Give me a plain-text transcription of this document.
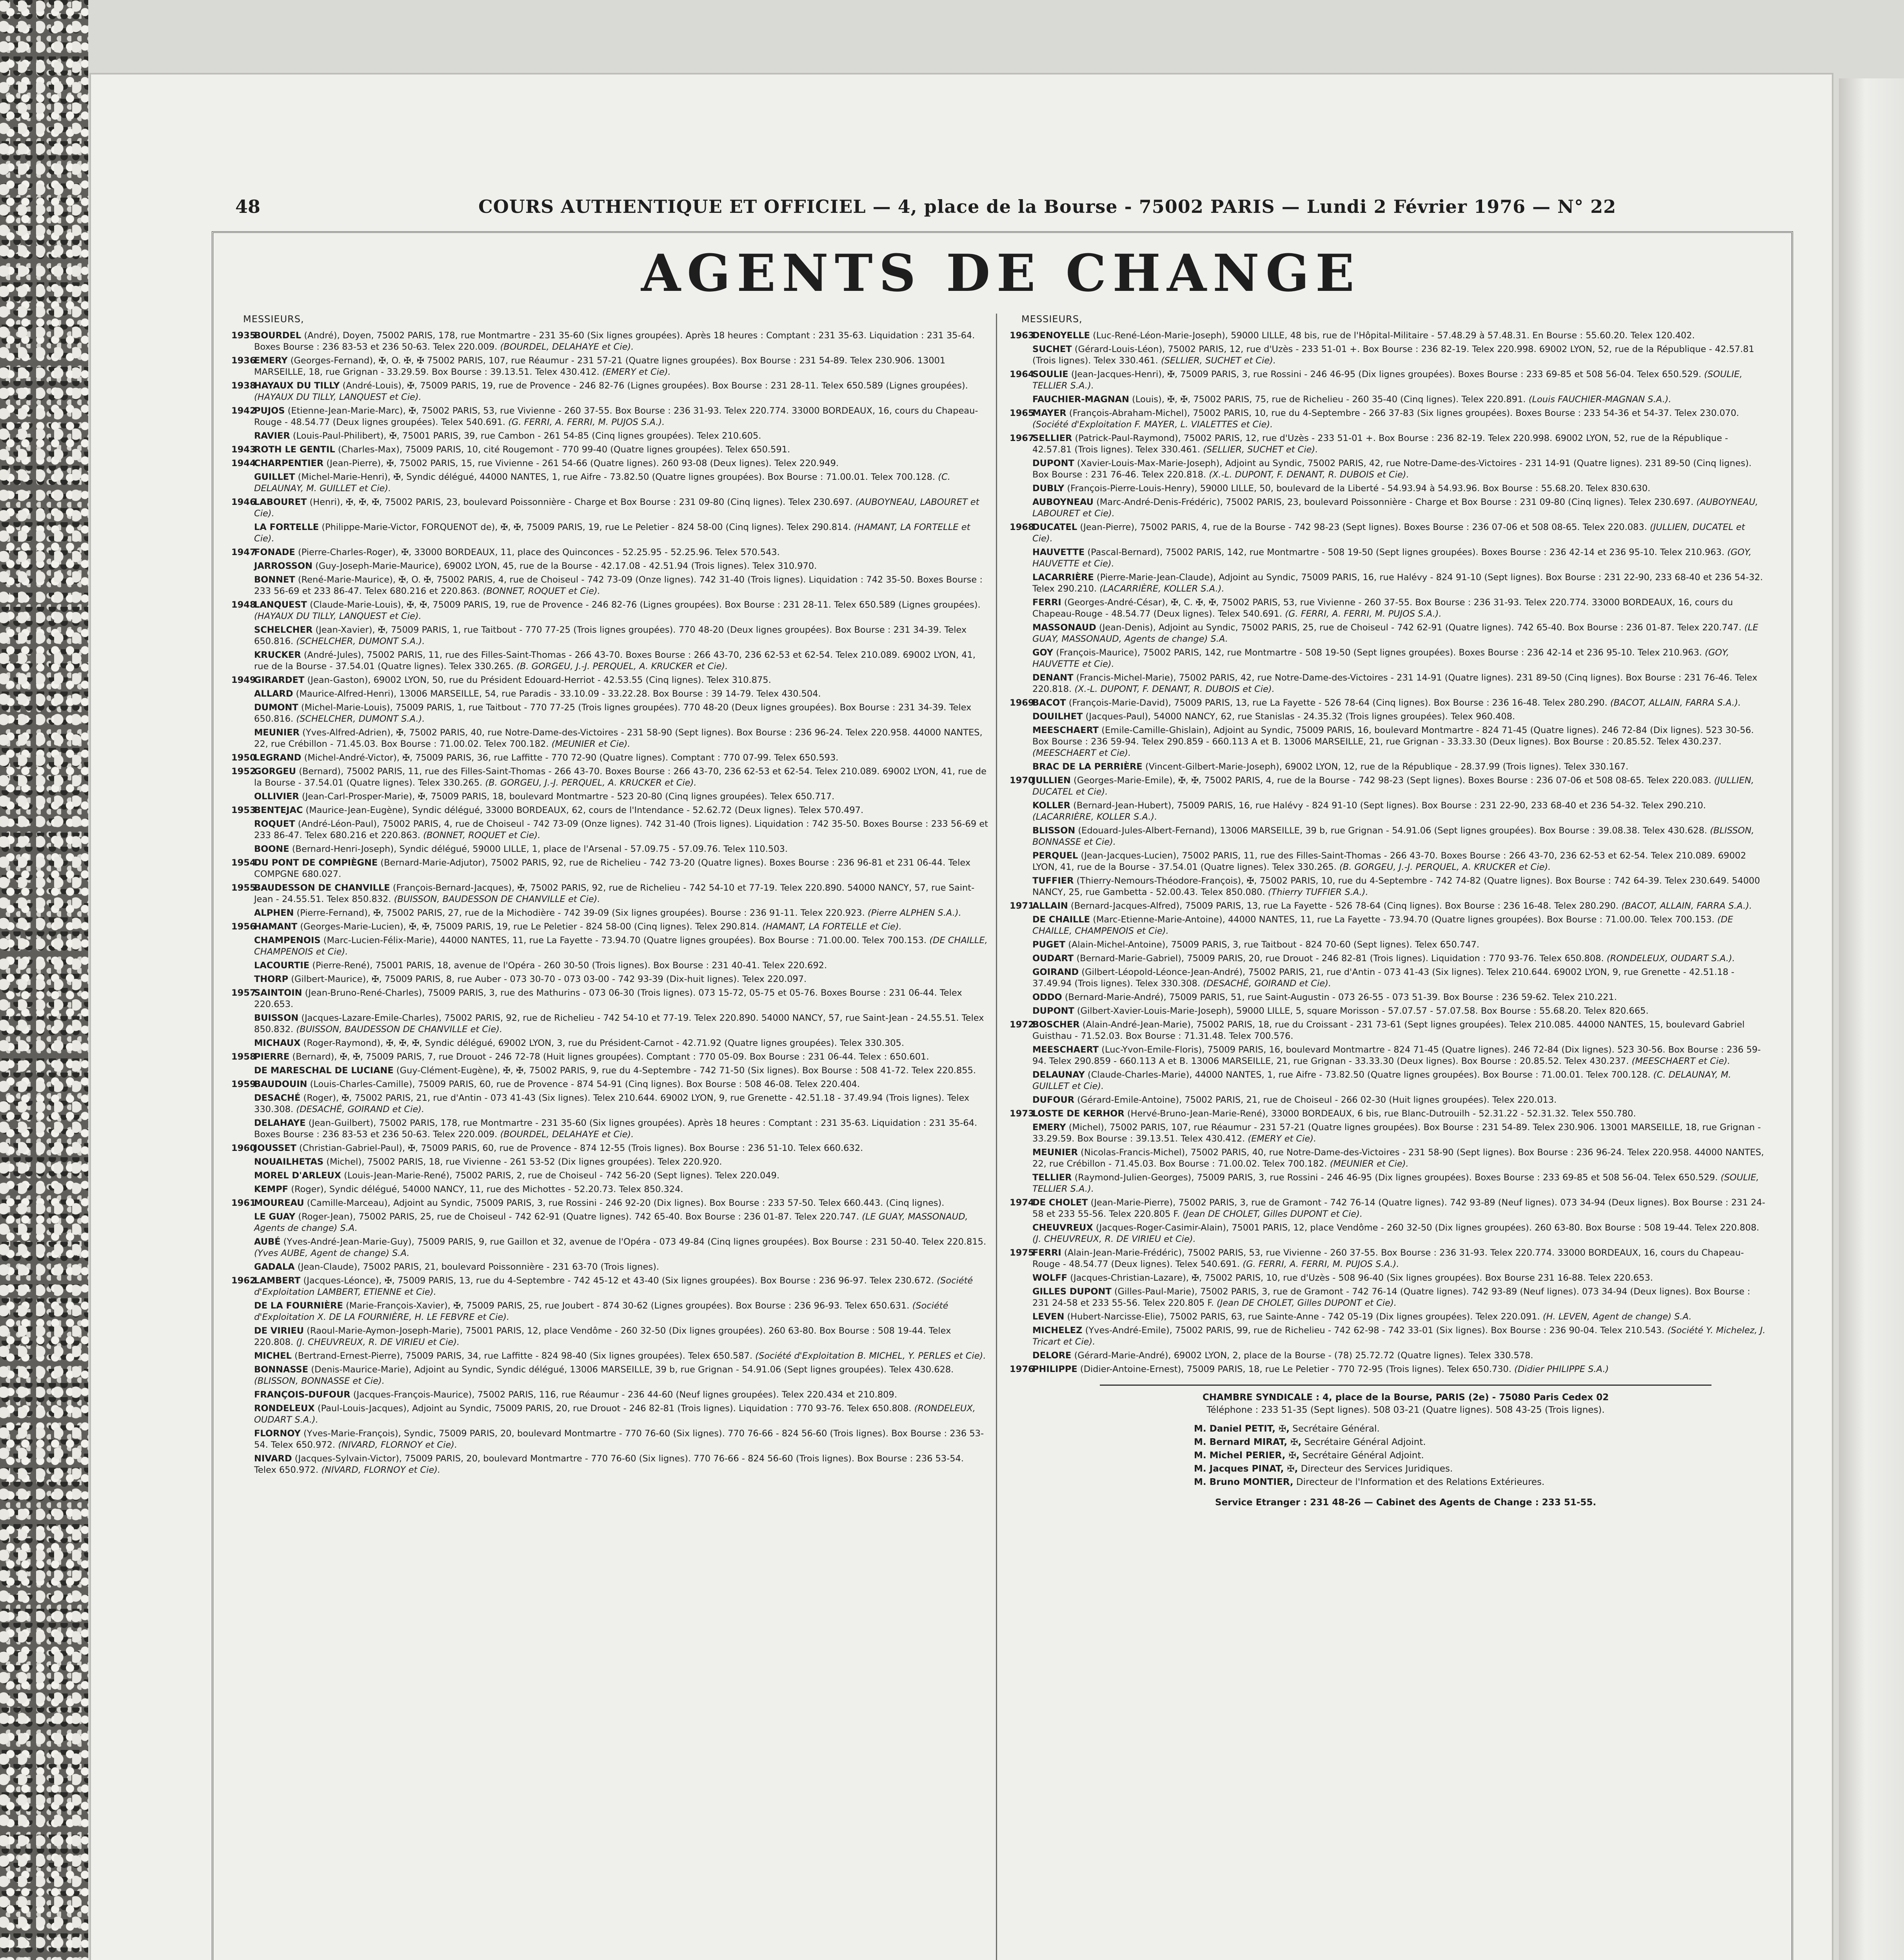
48	COURS AUTHENTIQUE ET OFFICIEL — 4, place de la Bourse - 75002 PARIS — Lundi 2 Février 1976 — N° 22
AGENTS DE CHANGE
MESSIEURS,
1935
BOURDEL (André), Doyen, 75002 PARIS, 178, rue Montmartre - 231 35-60 (Six lignes groupées). Après 18 heures : Comptant : 231 35-63. Liquidation : 231 35-64. Boxes Bourse : 236 83-53 et 236 50-63. Telex 220.009. (BOURDEL, DELAHAYE et Cie).
1936
EMERY (Georges-Fernand), ✠, O. ✠, ✠ 75002 PARIS, 107, rue Réaumur - 231 57-21 (Quatre lignes groupées). Box Bourse : 231 54-89. Telex 230.906. 13001 MARSEILLE, 18, rue Grignan - 33.29.59. Box Bourse : 39.13.51. Telex 430.412. (EMERY et Cie).
1938
HAYAUX DU TILLY (André-Louis), ✠, 75009 PARIS, 19, rue de Provence - 246 82-76 (Lignes groupées). Box Bourse : 231 28-11. Telex 650.589 (Lignes groupées). (HAYAUX DU TILLY, LANQUEST et Cie).
1942
PUJOS (Etienne-Jean-Marie-Marc), ✠, 75002 PARIS, 53, rue Vivienne - 260 37-55. Box Bourse : 236 31-93. Telex 220.774. 33000 BORDEAUX, 16, cours du Chapeau-Rouge - 48.54.77 (Deux lignes groupées). Telex 540.691. (G. FERRI, A. FERRI, M. PUJOS S.A.).
RAVIER (Louis-Paul-Philibert), ✠, 75001 PARIS, 39, rue Cambon - 261 54-85 (Cinq lignes groupées). Telex 210.605.
1943
ROTH LE GENTIL (Charles-Max), 75009 PARIS, 10, cité Rougemont - 770 99-40 (Quatre lignes groupées). Telex 650.591.
1944
CHARPENTIER (Jean-Pierre), ✠, 75002 PARIS, 15, rue Vivienne - 261 54-66 (Quatre lignes). 260 93-08 (Deux lignes). Telex 220.949.
GUILLET (Michel-Marie-Henri), ✠, Syndic délégué, 44000 NANTES, 1, rue Aifre - 73.82.50 (Quatre lignes groupées). Box Bourse : 71.00.01. Telex 700.128. (C. DELAUNAY, M. GUILLET et Cie).
1946
LABOURET (Henri), ✠, ✠, ✠, 75002 PARIS, 23, boulevard Poissonnière - Charge et Box Bourse : 231 09-80 (Cinq lignes). Telex 230.697. (AUBOYNEAU, LABOURET et Cie).
LA FORTELLE (Philippe-Marie-Victor, FORQUENOT de), ✠, ✠, 75009 PARIS, 19, rue Le Peletier - 824 58-00 (Cinq lignes). Telex 290.814. (HAMANT, LA FORTELLE et Cie).
1947
FONADE (Pierre-Charles-Roger), ✠, 33000 BORDEAUX, 11, place des Quinconces - 52.25.95 - 52.25.96. Telex 570.543.
JARROSSON (Guy-Joseph-Marie-Maurice), 69002 LYON, 45, rue de la Bourse - 42.17.08 - 42.51.94 (Trois lignes). Telex 310.970.
BONNET (René-Marie-Maurice), ✠, O. ✠, 75002 PARIS, 4, rue de Choiseul - 742 73-09 (Onze lignes). 742 31-40 (Trois lignes). Liquidation : 742 35-50. Boxes Bourse : 233 56-69 et 233 86-47. Telex 680.216 et 220.863. (BONNET, ROQUET et Cie).
1948
LANQUEST (Claude-Marie-Louis), ✠, ✠, 75009 PARIS, 19, rue de Provence - 246 82-76 (Lignes groupées). Box Bourse : 231 28-11. Telex 650.589 (Lignes groupées). (HAYAUX DU TILLY, LANQUEST et Cie).
SCHELCHER (Jean-Xavier), ✠, 75009 PARIS, 1, rue Taitbout - 770 77-25 (Trois lignes groupées). 770 48-20 (Deux lignes groupées). Box Bourse : 231 34-39. Telex 650.816. (SCHELCHER, DUMONT S.A.).
KRUCKER (André-Jules), 75002 PARIS, 11, rue des Filles-Saint-Thomas - 266 43-70. Boxes Bourse : 266 43-70, 236 62-53 et 62-54. Telex 210.089. 69002 LYON, 41, rue de la Bourse - 37.54.01 (Quatre lignes). Telex 330.265. (B. GORGEU, J.-J. PERQUEL, A. KRUCKER et Cie).
1949
GIRARDET (Jean-Gaston), 69002 LYON, 50, rue du Président Edouard-Herriot - 42.53.55 (Cinq lignes). Telex 310.875.
ALLARD (Maurice-Alfred-Henri), 13006 MARSEILLE, 54, rue Paradis - 33.10.09 - 33.22.28. Box Bourse : 39 14-79. Telex 430.504.
DUMONT (Michel-Marie-Louis), 75009 PARIS, 1, rue Taitbout - 770 77-25 (Trois lignes groupées). 770 48-20 (Deux lignes groupées). Box Bourse : 231 34-39. Telex 650.816. (SCHELCHER, DUMONT S.A.).
MEUNIER (Yves-Alfred-Adrien), ✠, 75002 PARIS, 40, rue Notre-Dame-des-Victoires - 231 58-90 (Sept lignes). Box Bourse : 236 96-24. Telex 220.958. 44000 NANTES, 22, rue Crébillon - 71.45.03. Box Bourse : 71.00.02. Telex 700.182. (MEUNIER et Cie).
1950
LEGRAND (Michel-André-Victor), ✠, 75009 PARIS, 36, rue Laffitte - 770 72-90 (Quatre lignes). Comptant : 770 07-99. Telex 650.593.
1952
GORGEU (Bernard), 75002 PARIS, 11, rue des Filles-Saint-Thomas - 266 43-70. Boxes Bourse : 266 43-70, 236 62-53 et 62-54. Telex 210.089. 69002 LYON, 41, rue de la Bourse - 37.54.01 (Quatre lignes). Telex 330.265. (B. GORGEU, J.-J. PERQUEL, A. KRUCKER et Cie).
OLLIVIER (Jean-Carl-Prosper-Marie), ✠, 75009 PARIS, 18, boulevard Montmartre - 523 20-80 (Cinq lignes groupées). Telex 650.717.
1953
BENTEJAC (Maurice-Jean-Eugène), Syndic délégué, 33000 BORDEAUX, 62, cours de l'Intendance - 52.62.72 (Deux lignes). Telex 570.497.
ROQUET (André-Léon-Paul), 75002 PARIS, 4, rue de Choiseul - 742 73-09 (Onze lignes). 742 31-40 (Trois lignes). Liquidation : 742 35-50. Boxes Bourse : 233 56-69 et 233 86-47. Telex 680.216 et 220.863. (BONNET, ROQUET et Cie).
BOONE (Bernard-Henri-Joseph), Syndic délégué, 59000 LILLE, 1, place de l'Arsenal - 57.09.75 - 57.09.76. Telex 110.503.
1954
DU PONT DE COMPIÈGNE (Bernard-Marie-Adjutor), 75002 PARIS, 92, rue de Richelieu - 742 73-20 (Quatre lignes). Boxes Bourse : 236 96-81 et 231 06-44. Telex COMPGNE 680.027.
1955
BAUDESSON DE CHANVILLE (François-Bernard-Jacques), ✠, 75002 PARIS, 92, rue de Richelieu - 742 54-10 et 77-19. Telex 220.890. 54000 NANCY, 57, rue Saint-Jean - 24.55.51. Telex 850.832. (BUISSON, BAUDESSON DE CHANVILLE et Cie).
ALPHEN (Pierre-Fernand), ✠, 75002 PARIS, 27, rue de la Michodière - 742 39-09 (Six lignes groupées). Bourse : 236 91-11. Telex 220.923. (Pierre ALPHEN S.A.).
1956
HAMANT (Georges-Marie-Lucien), ✠, ✠, 75009 PARIS, 19, rue Le Peletier - 824 58-00 (Cinq lignes). Telex 290.814. (HAMANT, LA FORTELLE et Cie).
CHAMPENOIS (Marc-Lucien-Félix-Marie), 44000 NANTES, 11, rue La Fayette - 73.94.70 (Quatre lignes groupées). Box Bourse : 71.00.00. Telex 700.153. (DE CHAILLE, CHAMPENOIS et Cie).
LACOURTIE (Pierre-René), 75001 PARIS, 18, avenue de l'Opéra - 260 30-50 (Trois lignes). Box Bourse : 231 40-41. Telex 220.692.
THORP (Gilbert-Maurice), ✠, 75009 PARIS, 8, rue Auber - 073 30-70 - 073 03-00 - 742 93-39 (Dix-huit lignes). Telex 220.097.
1957
SAINTOIN (Jean-Bruno-René-Charles), 75009 PARIS, 3, rue des Mathurins - 073 06-30 (Trois lignes). 073 15-72, 05-75 et 05-76. Boxes Bourse : 231 06-44. Telex 220.653.
BUISSON (Jacques-Lazare-Emile-Charles), 75002 PARIS, 92, rue de Richelieu - 742 54-10 et 77-19. Telex 220.890. 54000 NANCY, 57, rue Saint-Jean - 24.55.51. Telex 850.832. (BUISSON, BAUDESSON DE CHANVILLE et Cie).
MICHAUX (Roger-Raymond), ✠, ✠, ✠, Syndic délégué, 69002 LYON, 3, rue du Président-Carnot - 42.71.92 (Quatre lignes groupées). Telex 330.305.
1958
PIERRE (Bernard), ✠, ✠, 75009 PARIS, 7, rue Drouot - 246 72-78 (Huit lignes groupées). Comptant : 770 05-09. Box Bourse : 231 06-44. Telex : 650.601.
DE MARESCHAL DE LUCIANE (Guy-Clément-Eugène), ✠, ✠, 75002 PARIS, 9, rue du 4-Septembre - 742 71-50 (Six lignes). Box Bourse : 508 41-72. Telex 220.855.
1959
BAUDOUIN (Louis-Charles-Camille), 75009 PARIS, 60, rue de Provence - 874 54-91 (Cinq lignes). Box Bourse : 508 46-08. Telex 220.404.
DESACHÉ (Roger), ✠, 75002 PARIS, 21, rue d'Antin - 073 41-43 (Six lignes). Telex 210.644. 69002 LYON, 9, rue Grenette - 42.51.18 - 37.49.94 (Trois lignes). Telex 330.308. (DESACHÉ, GOIRAND et Cie).
DELAHAYE (Jean-Guilbert), 75002 PARIS, 178, rue Montmartre - 231 35-60 (Six lignes groupées). Après 18 heures : Comptant : 231 35-63. Liquidation : 231 35-64. Boxes Bourse : 236 83-53 et 236 50-63. Telex 220.009. (BOURDEL, DELAHAYE et Cie).
1960
JOUSSET (Christian-Gabriel-Paul), ✠, 75009 PARIS, 60, rue de Provence - 874 12-55 (Trois lignes). Box Bourse : 236 51-10. Telex 660.632.
NOUAILHETAS (Michel), 75002 PARIS, 18, rue Vivienne - 261 53-52 (Dix lignes groupées). Telex 220.920.
MOREL D'ARLEUX (Louis-Jean-Marie-René), 75002 PARIS, 2, rue de Choiseul - 742 56-20 (Sept lignes). Telex 220.049.
KEMPF (Roger), Syndic délégué, 54000 NANCY, 11, rue des Michottes - 52.20.73. Telex 850.324.
1961
MOUREAU (Camille-Marceau), Adjoint au Syndic, 75009 PARIS, 3, rue Rossini - 246 92-20 (Dix lignes). Box Bourse : 233 57-50. Telex 660.443. (Cinq lignes).
LE GUAY (Roger-Jean), 75002 PARIS, 25, rue de Choiseul - 742 62-91 (Quatre lignes). 742 65-40. Box Bourse : 236 01-87. Telex 220.747. (LE GUAY, MASSONAUD, Agents de change) S.A.
AUBÉ (Yves-André-Jean-Marie-Guy), 75009 PARIS, 9, rue Gaillon et 32, avenue de l'Opéra - 073 49-84 (Cinq lignes groupées). Box Bourse : 231 50-40. Telex 220.815. (Yves AUBE, Agent de change) S.A.
GADALA (Jean-Claude), 75002 PARIS, 21, boulevard Poissonnière - 231 63-70 (Trois lignes).
1962
LAMBERT (Jacques-Léonce), ✠, 75009 PARIS, 13, rue du 4-Septembre - 742 45-12 et 43-40 (Six lignes groupées). Box Bourse : 236 96-97. Telex 230.672. (Société d'Exploitation LAMBERT, ETIENNE et Cie).
DE LA FOURNIÈRE (Marie-François-Xavier), ✠, 75009 PARIS, 25, rue Joubert - 874 30-62 (Lignes groupées). Box Bourse : 236 96-93. Telex 650.631. (Société d'Exploitation X. DE LA FOURNIÈRE, H. LE FEBVRE et Cie).
DE VIRIEU (Raoul-Marie-Aymon-Joseph-Marie), 75001 PARIS, 12, place Vendôme - 260 32-50 (Dix lignes groupées). 260 63-80. Box Bourse : 508 19-44. Telex 220.808. (J. CHEUVREUX, R. DE VIRIEU et Cie).
MICHEL (Bertrand-Ernest-Pierre), 75009 PARIS, 34, rue Laffitte - 824 98-40 (Six lignes groupées). Telex 650.587. (Société d'Exploitation B. MICHEL, Y. PERLES et Cie).
BONNASSE (Denis-Maurice-Marie), Adjoint au Syndic, Syndic délégué, 13006 MARSEILLE, 39 b, rue Grignan - 54.91.06 (Sept lignes groupées). Telex 430.628. (BLISSON, BONNASSE et Cie).
FRANÇOIS-DUFOUR (Jacques-François-Maurice), 75002 PARIS, 116, rue Réaumur - 236 44-60 (Neuf lignes groupées). Telex 220.434 et 210.809.
RONDELEUX (Paul-Louis-Jacques), Adjoint au Syndic, 75009 PARIS, 20, rue Drouot - 246 82-81 (Trois lignes). Liquidation : 770 93-76. Telex 650.808. (RONDELEUX, OUDART S.A.).
FLORNOY (Yves-Marie-François), Syndic, 75009 PARIS, 20, boulevard Montmartre - 770 76-60 (Six lignes). 770 76-66 - 824 56-60 (Trois lignes). Box Bourse : 236 53-54. Telex 650.972. (NIVARD, FLORNOY et Cie).
NIVARD (Jacques-Sylvain-Victor), 75009 PARIS, 20, boulevard Montmartre - 770 76-60 (Six lignes). 770 76-66 - 824 56-60 (Trois lignes). Box Bourse : 236 53-54. Telex 650.972. (NIVARD, FLORNOY et Cie).
MESSIEURS,
1963
DENOYELLE (Luc-René-Léon-Marie-Joseph), 59000 LILLE, 48 bis, rue de l'Hôpital-Militaire - 57.48.29 à 57.48.31. En Bourse : 55.60.20. Telex 120.402.
SUCHET (Gérard-Louis-Léon), 75002 PARIS, 12, rue d'Uzès - 233 51-01 +. Box Bourse : 236 82-19. Telex 220.998. 69002 LYON, 52, rue de la République - 42.57.81 (Trois lignes). Telex 330.461. (SELLIER, SUCHET et Cie).
1964
SOULIE (Jean-Jacques-Henri), ✠, 75009 PARIS, 3, rue Rossini - 246 46-95 (Dix lignes groupées). Boxes Bourse : 233 69-85 et 508 56-04. Telex 650.529. (SOULIE, TELLIER S.A.).
FAUCHIER-MAGNAN (Louis), ✠, ✠, 75002 PARIS, 75, rue de Richelieu - 260 35-40 (Cinq lignes). Telex 220.891. (Louis FAUCHIER-MAGNAN S.A.).
1965
MAYER (François-Abraham-Michel), 75002 PARIS, 10, rue du 4-Septembre - 266 37-83 (Six lignes groupées). Boxes Bourse : 233 54-36 et 54-37. Telex 230.070. (Société d'Exploitation F. MAYER, L. VIALETTES et Cie).
1967
SELLIER (Patrick-Paul-Raymond), 75002 PARIS, 12, rue d'Uzès - 233 51-01 +. Box Bourse : 236 82-19. Telex 220.998. 69002 LYON, 52, rue de la République - 42.57.81 (Trois lignes). Telex 330.461. (SELLIER, SUCHET et Cie).
DUPONT (Xavier-Louis-Max-Marie-Joseph), Adjoint au Syndic, 75002 PARIS, 42, rue Notre-Dame-des-Victoires - 231 14-91 (Quatre lignes). 231 89-50 (Cinq lignes). Box Bourse : 231 76-46. Telex 220.818. (X.-L. DUPONT, F. DENANT, R. DUBOIS et Cie).
DUBLY (François-Pierre-Louis-Henry), 59000 LILLE, 50, boulevard de la Liberté - 54.93.94 à 54.93.96. Box Bourse : 55.68.20. Telex 830.630.
AUBOYNEAU (Marc-André-Denis-Frédéric), 75002 PARIS, 23, boulevard Poissonnière - Charge et Box Bourse : 231 09-80 (Cinq lignes). Telex 230.697. (AUBOYNEAU, LABOURET et Cie).
1968
DUCATEL (Jean-Pierre), 75002 PARIS, 4, rue de la Bourse - 742 98-23 (Sept lignes). Boxes Bourse : 236 07-06 et 508 08-65. Telex 220.083. (JULLIEN, DUCATEL et Cie).
HAUVETTE (Pascal-Bernard), 75002 PARIS, 142, rue Montmartre - 508 19-50 (Sept lignes groupées). Boxes Bourse : 236 42-14 et 236 95-10. Telex 210.963. (GOY, HAUVETTE et Cie).
LACARRIÈRE (Pierre-Marie-Jean-Claude), Adjoint au Syndic, 75009 PARIS, 16, rue Halévy - 824 91-10 (Sept lignes). Box Bourse : 231 22-90, 233 68-40 et 236 54-32. Telex 290.210. (LACARRIÈRE, KOLLER S.A.).
FERRI (Georges-André-César), ✠, C. ✠, ✠, 75002 PARIS, 53, rue Vivienne - 260 37-55. Box Bourse : 236 31-93. Telex 220.774. 33000 BORDEAUX, 16, cours du Chapeau-Rouge - 48.54.77 (Deux lignes). Telex 540.691. (G. FERRI, A. FERRI, M. PUJOS S.A.).
MASSONAUD (Jean-Denis), Adjoint au Syndic, 75002 PARIS, 25, rue de Choiseul - 742 62-91 (Quatre lignes). 742 65-40. Box Bourse : 236 01-87. Telex 220.747. (LE GUAY, MASSONAUD, Agents de change) S.A.
GOY (François-Maurice), 75002 PARIS, 142, rue Montmartre - 508 19-50 (Sept lignes groupées). Boxes Bourse : 236 42-14 et 236 95-10. Telex 210.963. (GOY, HAUVETTE et Cie).
DENANT (Francis-Michel-Marie), 75002 PARIS, 42, rue Notre-Dame-des-Victoires - 231 14-91 (Quatre lignes). 231 89-50 (Cinq lignes). Box Bourse : 231 76-46. Telex 220.818. (X.-L. DUPONT, F. DENANT, R. DUBOIS et Cie).
1969
BACOT (François-Marie-David), 75009 PARIS, 13, rue La Fayette - 526 78-64 (Cinq lignes). Box Bourse : 236 16-48. Telex 280.290. (BACOT, ALLAIN, FARRA S.A.).
DOUILHET (Jacques-Paul), 54000 NANCY, 62, rue Stanislas - 24.35.32 (Trois lignes groupées). Telex 960.408.
MEESCHAERT (Emile-Camille-Ghislain), Adjoint au Syndic, 75009 PARIS, 16, boulevard Montmartre - 824 71-45 (Quatre lignes). 246 72-84 (Dix lignes). 523 30-56. Box Bourse : 236 59-94. Telex 290.859 - 660.113 A et B. 13006 MARSEILLE, 21, rue Grignan - 33.33.30 (Deux lignes). Box Bourse : 20.85.52. Telex 430.237. (MEESCHAERT et Cie).
BRAC DE LA PERRIÈRE (Vincent-Gilbert-Marie-Joseph), 69002 LYON, 12, rue de la République - 28.37.99 (Trois lignes). Telex 330.167.
1970
JULLIEN (Georges-Marie-Emile), ✠, ✠, 75002 PARIS, 4, rue de la Bourse - 742 98-23 (Sept lignes). Boxes Bourse : 236 07-06 et 508 08-65. Telex 220.083. (JULLIEN, DUCATEL et Cie).
KOLLER (Bernard-Jean-Hubert), 75009 PARIS, 16, rue Halévy - 824 91-10 (Sept lignes). Box Bourse : 231 22-90, 233 68-40 et 236 54-32. Telex 290.210. (LACARRIÈRE, KOLLER S.A.).
BLISSON (Edouard-Jules-Albert-Fernand), 13006 MARSEILLE, 39 b, rue Grignan - 54.91.06 (Sept lignes groupées). Box Bourse : 39.08.38. Telex 430.628. (BLISSON, BONNASSE et Cie).
PERQUEL (Jean-Jacques-Lucien), 75002 PARIS, 11, rue des Filles-Saint-Thomas - 266 43-70. Boxes Bourse : 266 43-70, 236 62-53 et 62-54. Telex 210.089. 69002 LYON, 41, rue de la Bourse - 37.54.01 (Quatre lignes). Telex 330.265. (B. GORGEU, J.-J. PERQUEL, A. KRUCKER et Cie).
TUFFIER (Thierry-Nemours-Théodore-François), ✠, 75002 PARIS, 10, rue du 4-Septembre - 742 74-82 (Quatre lignes). Box Bourse : 742 64-39. Telex 230.649. 54000 NANCY, 25, rue Gambetta - 52.00.43. Telex 850.080. (Thierry TUFFIER S.A.).
1971
ALLAIN (Bernard-Jacques-Alfred), 75009 PARIS, 13, rue La Fayette - 526 78-64 (Cinq lignes). Box Bourse : 236 16-48. Telex 280.290. (BACOT, ALLAIN, FARRA S.A.).
DE CHAILLE (Marc-Etienne-Marie-Antoine), 44000 NANTES, 11, rue La Fayette - 73.94.70 (Quatre lignes groupées). Box Bourse : 71.00.00. Telex 700.153. (DE CHAILLE, CHAMPENOIS et Cie).
PUGET (Alain-Michel-Antoine), 75009 PARIS, 3, rue Taitbout - 824 70-60 (Sept lignes). Telex 650.747.
OUDART (Bernard-Marie-Gabriel), 75009 PARIS, 20, rue Drouot - 246 82-81 (Trois lignes). Liquidation : 770 93-76. Telex 650.808. (RONDELEUX, OUDART S.A.).
GOIRAND (Gilbert-Léopold-Léonce-Jean-André), 75002 PARIS, 21, rue d'Antin - 073 41-43 (Six lignes). Telex 210.644. 69002 LYON, 9, rue Grenette - 42.51.18 - 37.49.94 (Trois lignes). Telex 330.308. (DESACHÉ, GOIRAND et Cie).
ODDO (Bernard-Marie-André), 75009 PARIS, 51, rue Saint-Augustin - 073 26-55 - 073 51-39. Box Bourse : 236 59-62. Telex 210.221.
DUPONT (Gilbert-Xavier-Louis-Marie-Joseph), 59000 LILLE, 5, square Morisson - 57.07.57 - 57.07.58. Box Bourse : 55.68.20. Telex 820.665.
1972
BOSCHER (Alain-André-Jean-Marie), 75002 PARIS, 18, rue du Croissant - 231 73-61 (Sept lignes groupées). Telex 210.085. 44000 NANTES, 15, boulevard Gabriel Guisthau - 71.52.03. Box Bourse : 71.31.48. Telex 700.576.
MEESCHAERT (Luc-Yvon-Emile-Floris), 75009 PARIS, 16, boulevard Montmartre - 824 71-45 (Quatre lignes). 246 72-84 (Dix lignes). 523 30-56. Box Bourse : 236 59-94. Telex 290.859 - 660.113 A et B. 13006 MARSEILLE, 21, rue Grignan - 33.33.30 (Deux lignes). Box Bourse : 20.85.52. Telex 430.237. (MEESCHAERT et Cie).
DELAUNAY (Claude-Charles-Marie), 44000 NANTES, 1, rue Aifre - 73.82.50 (Quatre lignes groupées). Box Bourse : 71.00.01. Telex 700.128. (C. DELAUNAY, M. GUILLET et Cie).
DUFOUR (Gérard-Emile-Antoine), 75002 PARIS, 21, rue de Choiseul - 266 02-30 (Huit lignes groupées). Telex 220.013.
1973
LOSTE DE KERHOR (Hervé-Bruno-Jean-Marie-René), 33000 BORDEAUX, 6 bis, rue Blanc-Dutrouilh - 52.31.22 - 52.31.32. Telex 550.780.
EMERY (Michel), 75002 PARIS, 107, rue Réaumur - 231 57-21 (Quatre lignes groupées). Box Bourse : 231 54-89. Telex 230.906. 13001 MARSEILLE, 18, rue Grignan - 33.29.59. Box Bourse : 39.13.51. Telex 430.412. (EMERY et Cie).
MEUNIER (Nicolas-Francis-Michel), 75002 PARIS, 40, rue Notre-Dame-des-Victoires - 231 58-90 (Sept lignes). Box Bourse : 236 96-24. Telex 220.958. 44000 NANTES, 22, rue Crébillon - 71.45.03. Box Bourse : 71.00.02. Telex 700.182. (MEUNIER et Cie).
TELLIER (Raymond-Julien-Georges), 75009 PARIS, 3, rue Rossini - 246 46-95 (Dix lignes groupées). Boxes Bourse : 233 69-85 et 508 56-04. Telex 650.529. (SOULIE, TELLIER S.A.).
1974
DE CHOLET (Jean-Marie-Pierre), 75002 PARIS, 3, rue de Gramont - 742 76-14 (Quatre lignes). 742 93-89 (Neuf lignes). 073 34-94 (Deux lignes). Box Bourse : 231 24-58 et 233 55-56. Telex 220.805 F. (Jean DE CHOLET, Gilles DUPONT et Cie).
CHEUVREUX (Jacques-Roger-Casimir-Alain), 75001 PARIS, 12, place Vendôme - 260 32-50 (Dix lignes groupées). 260 63-80. Box Bourse : 508 19-44. Telex 220.808. (J. CHEUVREUX, R. DE VIRIEU et Cie).
1975
FERRI (Alain-Jean-Marie-Frédéric), 75002 PARIS, 53, rue Vivienne - 260 37-55. Box Bourse : 236 31-93. Telex 220.774. 33000 BORDEAUX, 16, cours du Chapeau-Rouge - 48.54.77 (Deux lignes). Telex 540.691. (G. FERRI, A. FERRI, M. PUJOS S.A.).
WOLFF (Jacques-Christian-Lazare), ✠, 75002 PARIS, 10, rue d'Uzès - 508 96-40 (Six lignes groupées). Box Bourse 231 16-88. Telex 220.653.
GILLES DUPONT (Gilles-Paul-Marie), 75002 PARIS, 3, rue de Gramont - 742 76-14 (Quatre lignes). 742 93-89 (Neuf lignes). 073 34-94 (Deux lignes). Box Bourse : 231 24-58 et 233 55-56. Telex 220.805 F. (Jean DE CHOLET, Gilles DUPONT et Cie).
LEVEN (Hubert-Narcisse-Elie), 75002 PARIS, 63, rue Sainte-Anne - 742 05-19 (Dix lignes groupées). Telex 220.091. (H. LEVEN, Agent de change) S.A.
MICHELEZ (Yves-André-Emile), 75002 PARIS, 99, rue de Richelieu - 742 62-98 - 742 33-01 (Six lignes). Box Bourse : 236 90-04. Telex 210.543. (Société Y. Michelez, J. Tricart et Cie).
DELORE (Gérard-Marie-André), 69002 LYON, 2, place de la Bourse - (78) 25.72.72 (Quatre lignes). Telex 330.578.
1976
PHILIPPE (Didier-Antoine-Ernest), 75009 PARIS, 18, rue Le Peletier - 770 72-95 (Trois lignes). Telex 650.730. (Didier PHILIPPE S.A.)
CHAMBRE SYNDICALE : 4, place de la Bourse, PARIS (2e) - 75080 Paris Cedex 02
Téléphone : 233 51-35 (Sept lignes). 508 03-21 (Quatre lignes). 508 43-25 (Trois lignes).
M. Daniel PETIT, ✠, Secrétaire Général.
M. Bernard MIRAT, ✠, Secrétaire Général Adjoint.
M. Michel PERIER, ✠, Secrétaire Général Adjoint.
M. Jacques PINAT, ✠, Directeur des Services Juridiques.
M. Bruno MONTIER, Directeur de l'Information et des Relations Extérieures.
Service Etranger : 231 48-26 — Cabinet des Agents de Change : 233 51-55.
